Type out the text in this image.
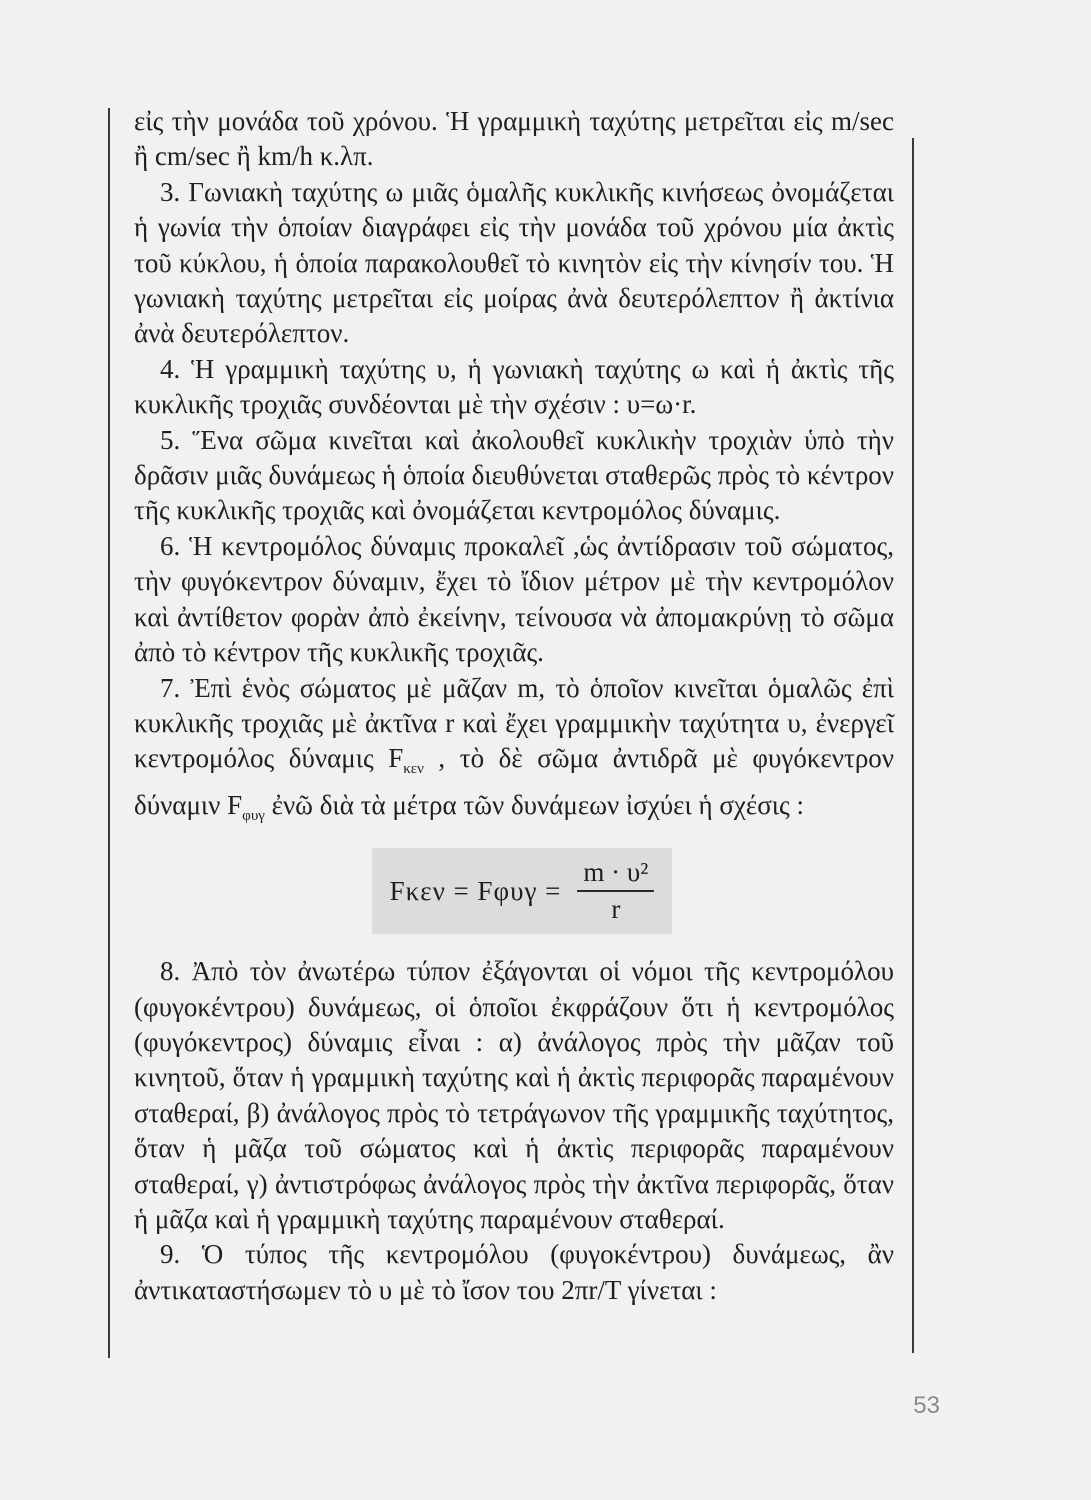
εἰς τὴν μονάδα τοῦ χρόνου. Ἡ γραμμικὴ ταχύτης μετρεῖται εἰς m/sec ἢ cm/sec ἢ km/h κ.λπ.

3. Γωνιακὴ ταχύτης ω μιᾶς ὁμαλῆς κυκλικῆς κινήσεως ὀνομάζεται ἡ γωνία τὴν ὁποίαν διαγράφει εἰς τὴν μονάδα τοῦ χρόνου μία ἀκτὶς τοῦ κύκλου, ἡ ὁποία παρακολουθεῖ τὸ κινητὸν εἰς τὴν κίνησίν του. Ἡ γωνιακὴ ταχύτης μετρεῖται εἰς μοίρας ἀνὰ δευτερόλεπτον ἢ ἀκτίνια ἀνὰ δευτερόλεπτον.

4. Ἡ γραμμικὴ ταχύτης υ, ἡ γωνιακὴ ταχύτης ω καὶ ἡ ἀκτὶς τῆς κυκλικῆς τροχιᾶς συνδέονται μὲ τὴν σχέσιν : υ=ω·r.

5. Ἕνα σῶμα κινεῖται καὶ ἀκολουθεῖ κυκλικὴν τροχιὰν ὑπὸ τὴν δρᾶσιν μιᾶς δυνάμεως ἡ ὁποία διευθύνεται σταθερῶς πρὸς τὸ κέντρον τῆς κυκλικῆς τροχιᾶς καὶ ὀνομάζεται κεντρομόλος δύναμις.

6. Ἡ κεντρομόλος δύναμις προκαλεῖ ,ὡς ἀντίδρασιν τοῦ σώματος, τὴν φυγόκεντρον δύναμιν, ἔχει τὸ ἴδιον μέτρον μὲ τὴν κεντρομόλον καὶ ἀντίθετον φορὰν ἀπὸ ἐκείνην, τείνουσα νὰ ἀπομακρύνῃ τὸ σῶμα ἀπὸ τὸ κέντρον τῆς κυκλικῆς τροχιᾶς.

7. Ἐπὶ ἑνὸς σώματος μὲ μᾶζαν m, τὸ ὁποῖον κινεῖται ὁμαλῶς ἐπὶ κυκλικῆς τροχιᾶς μὲ ἀκτῖνα r καὶ ἔχει γραμμικὴν ταχύτητα υ, ἐνεργεῖ κεντρομόλος δύναμις $F_{\kappa\varepsilon\nu}$ , τὸ δὲ σῶμα ἀντιδρᾶ μὲ φυγόκεντρον δύναμιν $F_{\varphi\upsilon\gamma}$ ἐνῶ διὰ τὰ μέτρα τῶν δυνάμεων ἰσχύει ἡ σχέσις :

$F\kappa\varepsilon\nu = F\varphi\upsilon\gamma = \frac{\text{m · υ²}}{r}$

8. Ἀπὸ τὸν ἀνωτέρω τύπον ἐξάγονται οἱ νόμοι τῆς κεντρομόλου (φυγοκέντρου) δυνάμεως, οἱ ὁποῖοι ἐκφράζουν ὅτι ἡ κεντρομόλος (φυγόκεντρος) δύναμις εἶναι : α) ἀνάλογος πρὸς τὴν μᾶζαν τοῦ κινητοῦ, ὅταν ἡ γραμμικὴ ταχύτης καὶ ἡ ἀκτὶς περιφορᾶς παραμένουν σταθεραί, β) ἀνάλογος πρὸς τὸ τετράγωνον τῆς γραμμικῆς ταχύτητος, ὅταν ἡ μᾶζα τοῦ σώματος καὶ ἡ ἀκτὶς περιφορᾶς παραμένουν σταθεραί, γ) ἀντιστρόφως ἀνάλογος πρὸς τὴν ἀκτῖνα περιφορᾶς, ὅταν ἡ μᾶζα καὶ ἡ γραμμικὴ ταχύτης παραμένουν σταθεραί.

9. Ὁ τύπος τῆς κεντρομόλου (φυγοκέντρου) δυνάμεως, ἂν ἀντικαταστήσωμεν τὸ υ μὲ τὸ ἴσον του 2πr/T γίνεται :

53
